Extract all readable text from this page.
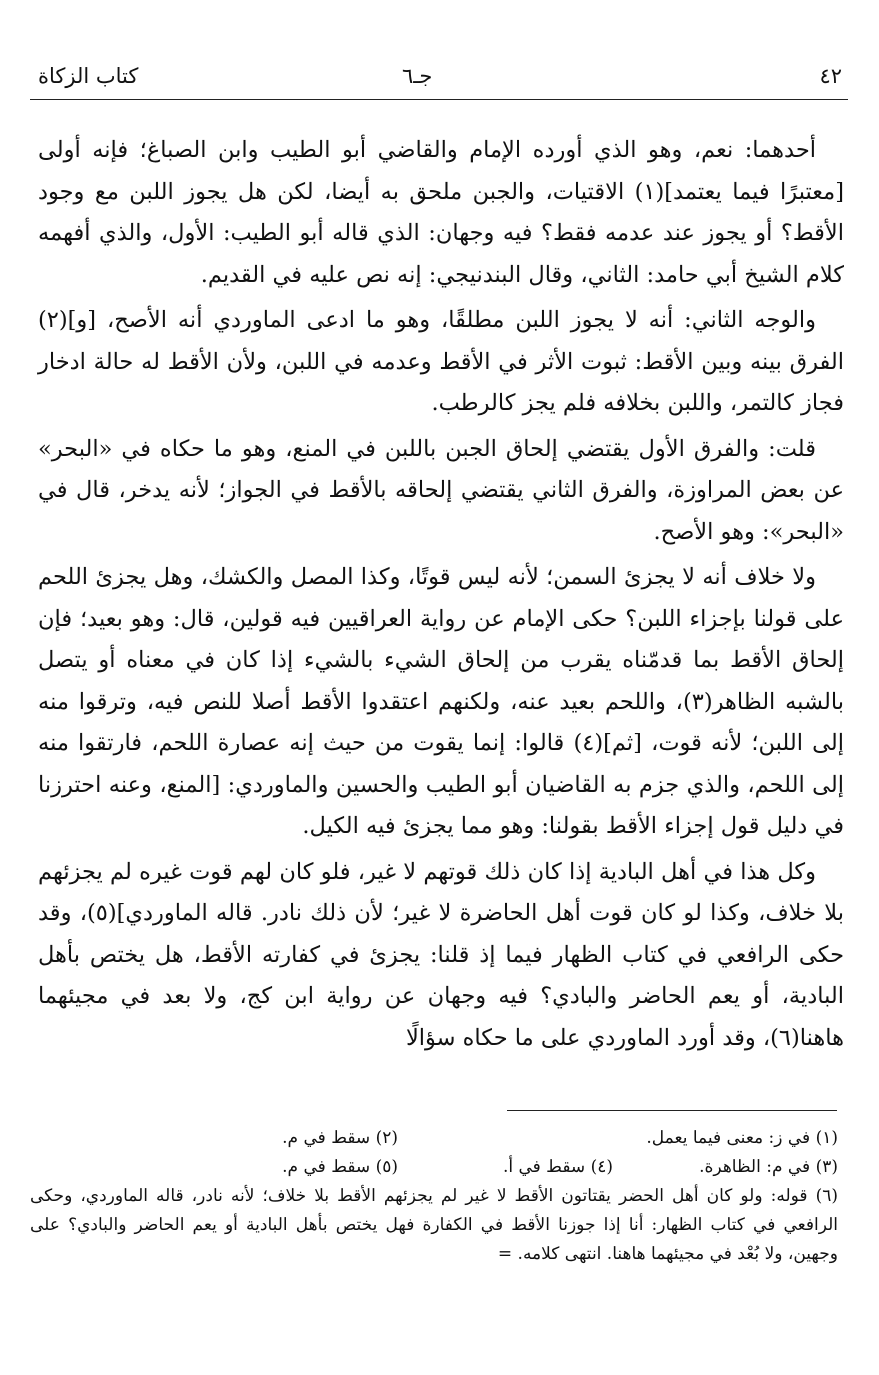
٤٢
جـ٦
كتاب الزكاة

أحدهما: نعم، وهو الذي أورده الإمام والقاضي أبو الطيب وابن الصباغ؛ فإنه أولى [معتبرًا فيما يعتمد](١) الاقتيات، والجبن ملحق به أيضا، لكن هل يجوز اللبن مع وجود الأقط؟ أو يجوز عند عدمه فقط؟ فيه وجهان: الذي قاله أبو الطيب: الأول، والذي أفهمه كلام الشيخ أبي حامد: الثاني، وقال البندنيجي: إنه نص عليه في القديم.

والوجه الثاني: أنه لا يجوز اللبن مطلقًا، وهو ما ادعى الماوردي أنه الأصح، [و](٢) الفرق بينه وبين الأقط: ثبوت الأثر في الأقط وعدمه في اللبن، ولأن الأقط له حالة ادخار فجاز كالتمر، واللبن بخلافه فلم يجز كالرطب.

قلت: والفرق الأول يقتضي إلحاق الجبن باللبن في المنع، وهو ما حكاه في «البحر» عن بعض المراوزة، والفرق الثاني يقتضي إلحاقه بالأقط في الجواز؛ لأنه يدخر، قال في «البحر»: وهو الأصح.

ولا خلاف أنه لا يجزئ السمن؛ لأنه ليس قوتًا، وكذا المصل والكشك، وهل يجزئ اللحم على قولنا بإجزاء اللبن؟ حكى الإمام عن رواية العراقيين فيه قولين، قال: وهو بعيد؛ فإن إلحاق الأقط بما قدمّناه يقرب من إلحاق الشيء بالشيء إذا كان في معناه أو يتصل بالشبه الظاهر(٣)، واللحم بعيد عنه، ولكنهم اعتقدوا الأقط أصلا للنص فيه، وترقوا منه إلى اللبن؛ لأنه قوت، [ثم](٤) قالوا: إنما يقوت من حيث إنه عصارة اللحم، فارتقوا منه إلى اللحم، والذي جزم به القاضيان أبو الطيب والحسين والماوردي: [المنع، وعنه احترزنا في دليل قول إجزاء الأقط بقولنا: وهو مما يجزئ فيه الكيل.

وكل هذا في أهل البادية إذا كان ذلك قوتهم لا غير، فلو كان لهم قوت غيره لم يجزئهم بلا خلاف، وكذا لو كان قوت أهل الحاضرة لا غير؛ لأن ذلك نادر. قاله الماوردي](٥)، وقد حكى الرافعي في كتاب الظهار فيما إذ قلنا: يجزئ في كفارته الأقط، هل يختص بأهل البادية، أو يعم الحاضر والبادي؟ فيه وجهان عن رواية ابن كج، ولا بعد في مجيئهما هاهنا(٦)، وقد أورد الماوردي على ما حكاه سؤالًا

(١) في ز: معنى فيما يعمل.
(٢) سقط في م.
(٣) في م: الظاهرة.
(٤) سقط في أ.
(٥) سقط في م.
(٦) قوله: ولو كان أهل الحضر يقتاتون الأقط لا غير لم يجزئهم الأقط بلا خلاف؛ لأنه نادر، قاله الماوردي، وحكى الرافعي في كتاب الظهار: أنا إذا جوزنا الأقط في الكفارة فهل يختص بأهل البادية أو يعم الحاضر والبادي؟ على وجهين، ولا بُعْد في مجيئهما هاهنا. انتهى كلامه. =
